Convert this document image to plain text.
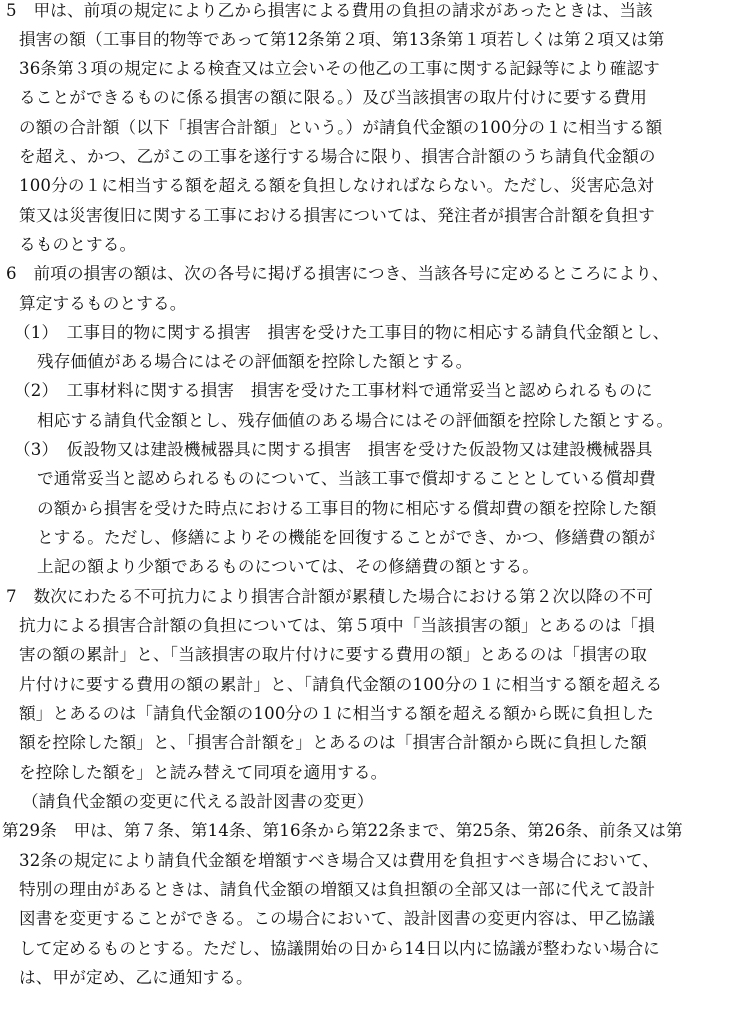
5　甲は、前項の規定により乙から損害による費用の負担の請求があったときは、当該
損害の額（工事目的物等であって第12条第２項、第13条第１項若しくは第２項又は第
36条第３項の規定による検査又は立会いその他乙の工事に関する記録等により確認す
ることができるものに係る損害の額に限る。）及び当該損害の取片付けに要する費用
の額の合計額（以下「損害合計額」という。）が請負代金額の100分の１に相当する額
を超え、かつ、乙がこの工事を遂行する場合に限り、損害合計額のうち請負代金額の
100分の１に相当する額を超える額を負担しなければならない。ただし、災害応急対
策又は災害復旧に関する工事における損害については、発注者が損害合計額を負担す
るものとする。
6　前項の損害の額は、次の各号に掲げる損害につき、当該各号に定めるところにより、
算定するものとする。
（1）　工事目的物に関する損害　損害を受けた工事目的物に相応する請負代金額とし、
残存価値がある場合にはその評価額を控除した額とする。
（2）　工事材料に関する損害　損害を受けた工事材料で通常妥当と認められるものに
相応する請負代金額とし、残存価値のある場合にはその評価額を控除した額とする。
（3）　仮設物又は建設機械器具に関する損害　損害を受けた仮設物又は建設機械器具
で通常妥当と認められるものについて、当該工事で償却することとしている償却費
の額から損害を受けた時点における工事目的物に相応する償却費の額を控除した額
とする。ただし、修繕によりその機能を回復することができ、かつ、修繕費の額が
上記の額より少額であるものについては、その修繕費の額とする。
7　数次にわたる不可抗力により損害合計額が累積した場合における第２次以降の不可
抗力による損害合計額の負担については、第５項中「当該損害の額」とあるのは「損
害の額の累計」と、「当該損害の取片付けに要する費用の額」とあるのは「損害の取
片付けに要する費用の額の累計」と、「請負代金額の100分の１に相当する額を超える
額」とあるのは「請負代金額の100分の１に相当する額を超える額から既に負担した
額を控除した額」と、「損害合計額を」とあるのは「損害合計額から既に負担した額
を控除した額を」と読み替えて同項を適用する。
（請負代金額の変更に代える設計図書の変更）
第29条　甲は、第７条、第14条、第16条から第22条まで、第25条、第26条、前条又は第
32条の規定により請負代金額を増額すべき場合又は費用を負担すべき場合において、
特別の理由があるときは、請負代金額の増額又は負担額の全部又は一部に代えて設計
図書を変更することができる。この場合において、設計図書の変更内容は、甲乙協議
して定めるものとする。ただし、協議開始の日から14日以内に協議が整わない場合に
は、甲が定め、乙に通知する。
